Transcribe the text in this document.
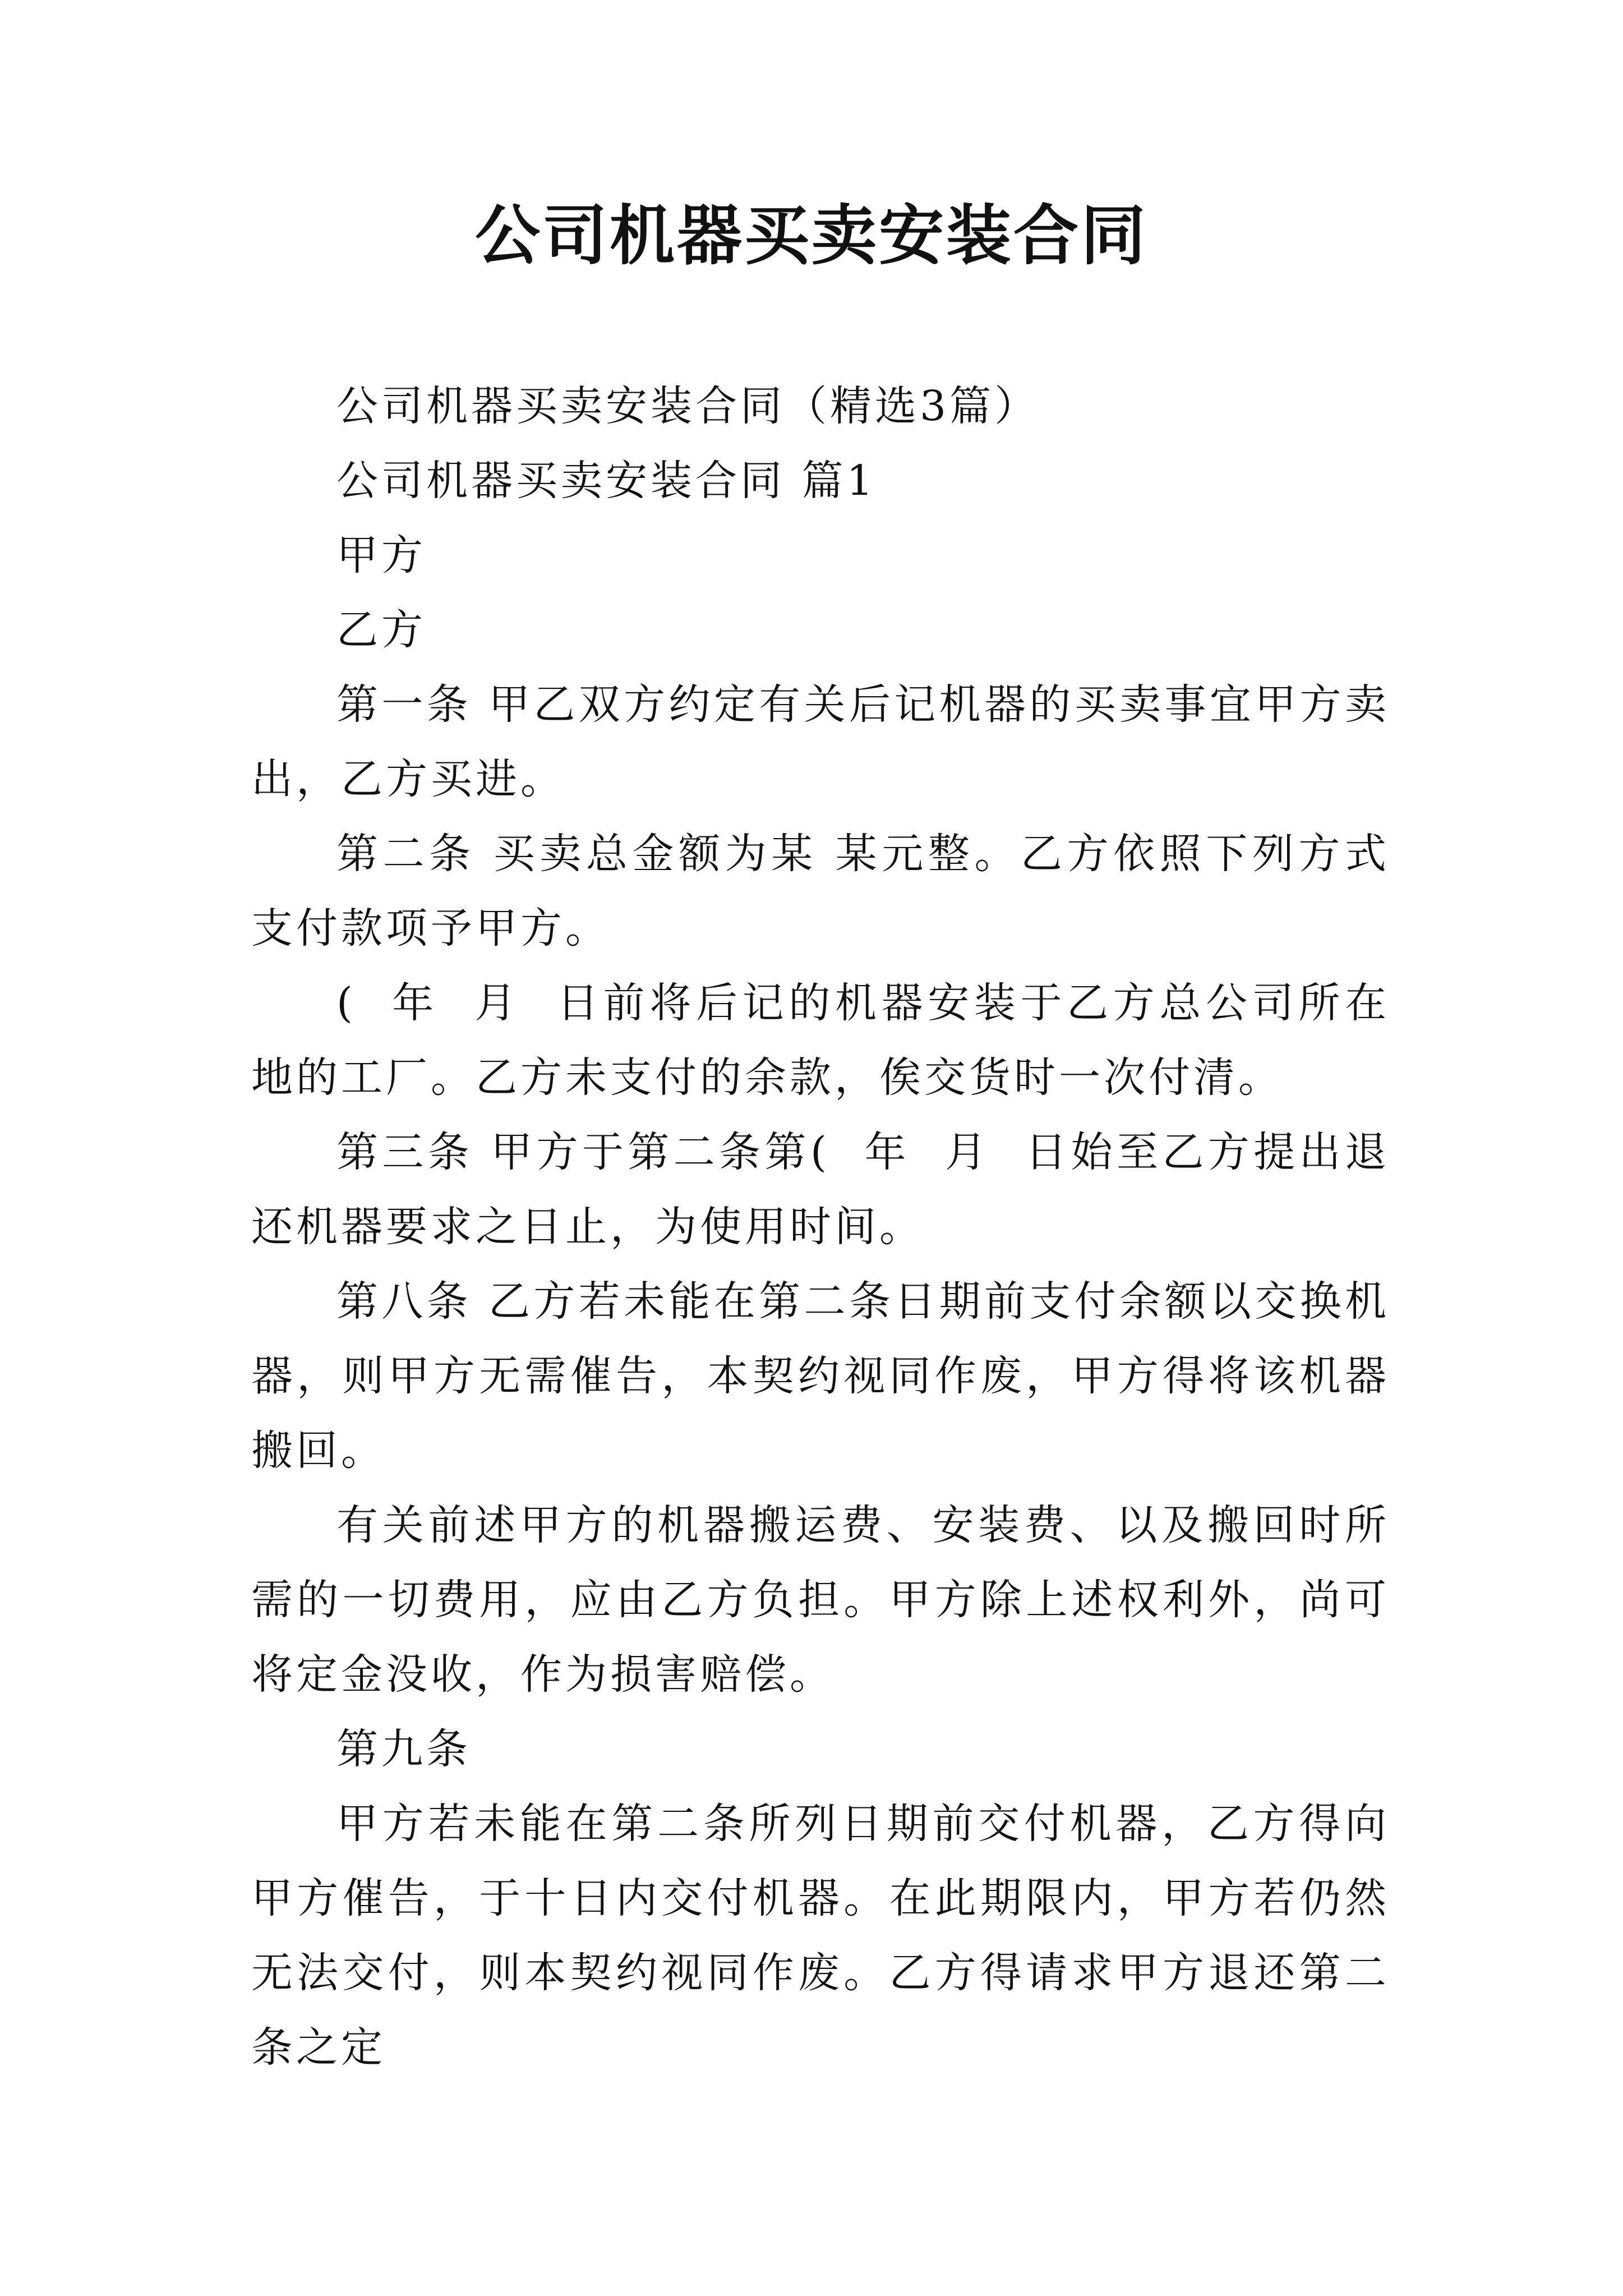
公司机器买卖安装合同

公司机器买卖安装合同（精选3篇）

公司机器买卖安装合同 篇1

甲方

乙方

第一条 甲乙双方约定有关后记机器的买卖事宜甲方卖出，乙方买进。

第二条 买卖总金额为某 某元整。乙方依照下列方式支付款项予甲方。

(  年  月  日前将后记的机器安装于乙方总公司所在地的工厂。乙方未支付的余款，俟交货时一次付清。

第三条 甲方于第二条第(  年  月  日始至乙方提出退还机器要求之日止，为使用时间。

第八条 乙方若未能在第二条日期前支付余额以交换机器，则甲方无需催告，本契约视同作废，甲方得将该机器搬回。

有关前述甲方的机器搬运费、安装费、以及搬回时所需的一切费用，应由乙方负担。甲方除上述权利外，尚可将定金没收，作为损害赔偿。

第九条

甲方若未能在第二条所列日期前交付机器，乙方得向甲方催告，于十日内交付机器。在此期限内，甲方若仍然无法交付，则本契约视同作废。乙方得请求甲方退还第二条之定
